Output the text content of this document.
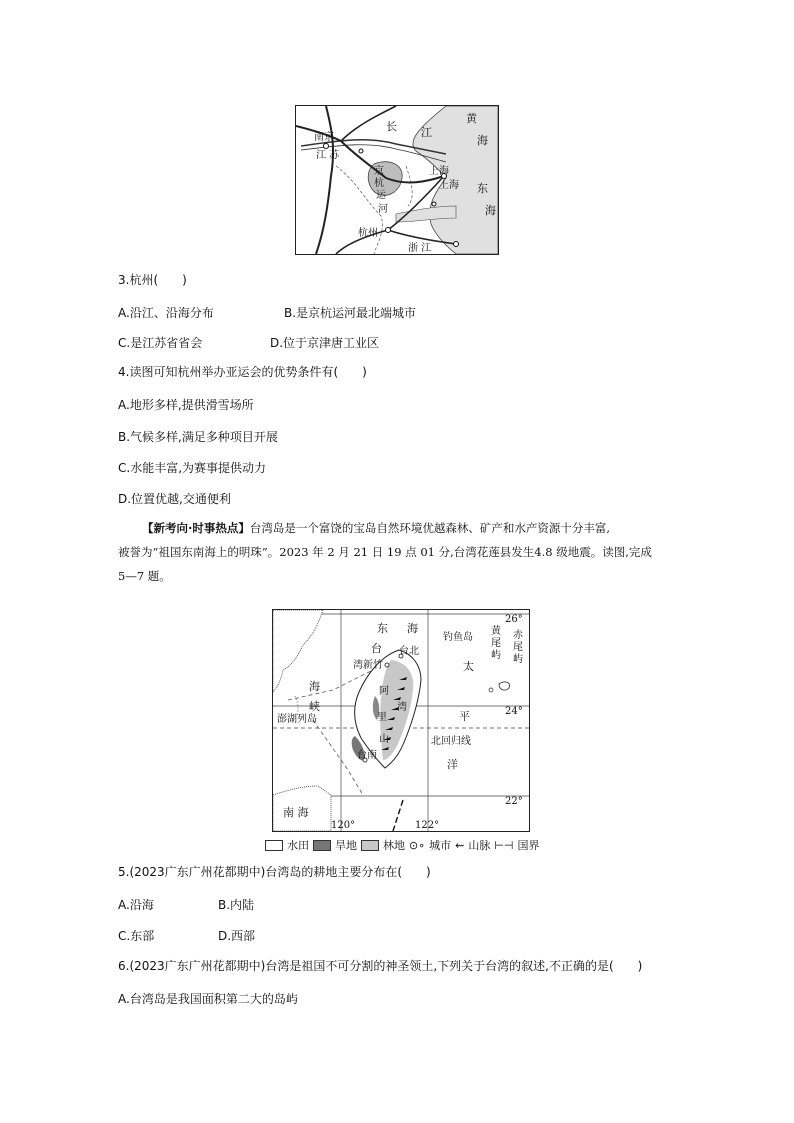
黄
海
东
海
长 江
南京
江 苏
上海
上海
京
杭
运
河
杭州
浙 江
3.杭州(　　)
A.沿江、沿海分布	B.是京杭运河最北端城市
C.是江苏省省会	D.位于京津唐工业区
4.读图可知杭州举办亚运会的优势条件有(　　)
A.地形多样,提供滑雪场所
B.气候多样,满足多种项目开展
C.水能丰富,为赛事提供动力
D.位置优越,交通便利
【新考向·时事热点】台湾岛是一个富饶的宝岛自然环境优越森林、矿产和水产资源十分丰富,
被誉为“祖国东南海上的明珠”。2023 年 2 月 21 日 19 点 01 分,台湾花莲县发生4.8 级地震。读图,完成
5—7 题。
东 海
台
湾新竹
台北
海
峡
澎湖列岛
阿
湾
里
山
台南
钓鱼岛
黄
尾
屿
赤
尾
屿
太
平
洋
北回归线
南 海
26°
24°
22°
120°	122°
水田 旱地 林地 ⊙∘ 城市 ⇜ 山脉 ⊢⊣ 国界
5.(2023广东广州花都期中)台湾岛的耕地主要分布在(　　)
A.沿海	B.内陆
C.东部	D.西部
6.(2023广东广州花都期中)台湾是祖国不可分割的神圣领土,下列关于台湾的叙述,不正确的是(　　)
A.台湾岛是我国面积第二大的岛屿
